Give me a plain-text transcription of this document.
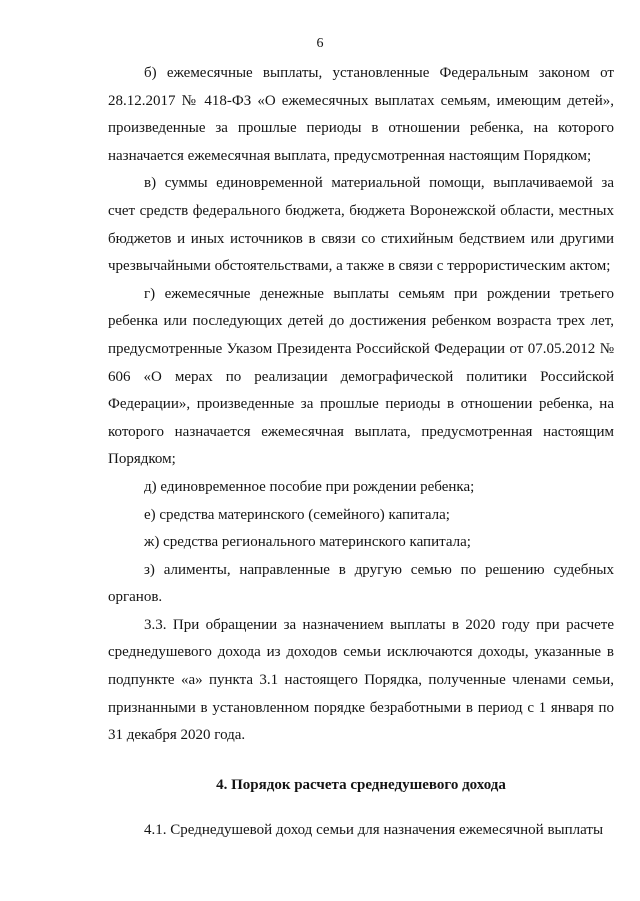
6

б) ежемесячные выплаты, установленные Федеральным законом от 28.12.2017 № 418-ФЗ «О ежемесячных выплатах семьям, имеющим детей», произведенные за прошлые периоды в отношении ребенка, на которого назначается ежемесячная выплата, предусмотренная настоящим Порядком;

в) суммы единовременной материальной помощи, выплачиваемой за счет средств федерального бюджета, бюджета Воронежской области, местных бюджетов и иных источников в связи со стихийным бедствием или другими чрезвычайными обстоятельствами, а также в связи с террористическим актом;

г) ежемесячные денежные выплаты семьям при рождении третьего ребенка или последующих детей до достижения ребенком возраста трех лет, предусмотренные Указом Президента Российской Федерации от 07.05.2012 № 606 «О мерах по реализации демографической политики Российской Федерации», произведенные за прошлые периоды в отношении ребенка, на которого назначается ежемесячная выплата, предусмотренная настоящим Порядком;

д) единовременное пособие при рождении ребенка;

е) средства материнского (семейного) капитала;

ж) средства регионального материнского капитала;

з) алименты, направленные в другую семью по решению судебных органов.

3.3. При обращении за назначением выплаты в 2020 году при расчете среднедушевого дохода из доходов семьи исключаются доходы, указанные в подпункте «а» пункта 3.1 настоящего Порядка, полученные членами семьи, признанными в установленном порядке безработными в период с 1 января по 31 декабря 2020 года.

4. Порядок расчета среднедушевого дохода

4.1. Среднедушевой доход семьи для назначения ежемесячной выплаты
